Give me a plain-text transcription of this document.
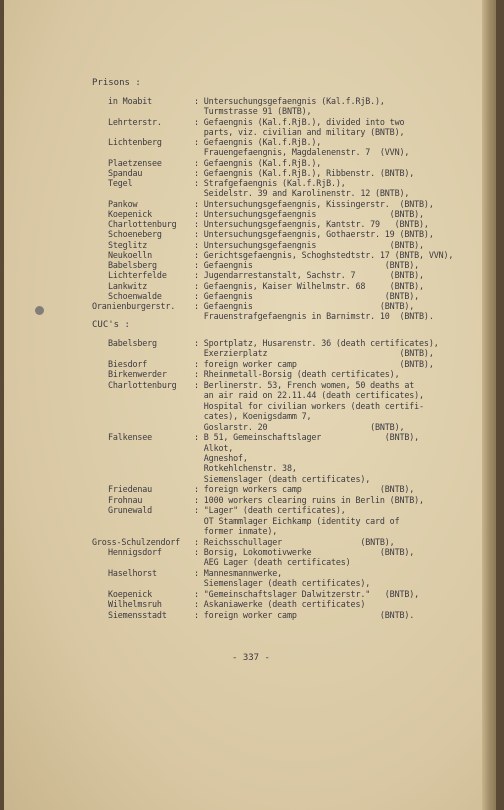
Prisons :
in Moabit	: Untersuchungsgefaengnis (Kal.f.RjB.),
Turmstrasse 91 (BNTB),
Lehrterstr.	: Gefaengnis (Kal.f.RjB.), divided into two
parts, viz. civilian and military (BNTB),
Lichtenberg	: Gefaengnis (Kal.f.RjB.),
Frauengefaengnis, Magdalenenstr. 7  (VVN),
Plaetzensee	: Gefaengnis (Kal.f.RjB.),
Spandau	: Gefaengnis (Kal.f.RjB.), Ribbenstr. (BNTB),
Tegel	: Strafgefaengnis (Kal.f.RjB.),
Seidelstr. 39 and Karolinenstr. 12 (BNTB),
Pankow	: Untersuchungsgefaengnis, Kissingerstr.  (BNTB),
Koepenick	: Untersuchungsgefaengnis               (BNTB),
Charlottenburg : Untersuchungsgefaengnis, Kantstr. 79   (BNTB),
Schoeneberg	: Untersuchungsgefaengnis, Gothaerstr. 19 (BNTB),
Steglitz	: Untersuchungsgefaengnis               (BNTB),
Neukoelln	: Gerichtsgefaengnis, Schoghstedtstr. 17 (BNTB, VVN),
Babelsberg	: Gefaengnis                           (BNTB),
Lichterfelde	: Jugendarrestanstalt, Sachstr. 7       (BNTB),
Lankwitz	: Gefaengnis, Kaiser Wilhelmstr. 68     (BNTB),
Schoenwalde	: Gefaengnis                           (BNTB),
Oranienburgerstr. : Gefaengnis                          (BNTB),
Frauenstrafgefaengnis in Barnimstr. 10  (BNTB).
CUC's :
Babelsberg	: Sportplatz, Husarenstr. 36 (death certificates),
Exerzierplatz                           (BNTB),
Biesdorf	: foreign worker camp                     (BNTB),
Birkenwerder	: Rheinmetall-Borsig (death certificates),
Charlottenburg : Berlinerstr. 53, French women, 50 deaths at
an air raid on 22.11.44 (death certificates),
Hospital for civilian workers (death certifi-
cates), Koenigsdamm 7,
Goslarstr. 20                     (BNTB),
Falkensee	: B 51, Gemeinschaftslager             (BNTB),
Alkot,
Agneshof,
Rotkehlchenstr. 38,
Siemenslager (death certificates),
Friedenau	: foreign workers camp                (BNTB),
Frohnau	: 1000 workers clearing ruins in Berlin (BNTB),
Grunewald	: "Lager" (death certificates),
OT Stammlager Eichkamp (identity card of
former inmate),
Gross-Schulzendorf : Reichsschullager                (BNTB),
Hennigsdorf	: Borsig, Lokomotivwerke              (BNTB),
AEG Lager (death certificates)
Haselhorst	: Mannesmannwerke,
Siemenslager (death certificates),
Koepenick	: "Gemeinschaftslager Dalwitzerstr."   (BNTB),
Wilhelmsruh	: Askaniawerke (death certificates)
Siemensstadt	: foreign worker camp                 (BNTB).
- 337 -
